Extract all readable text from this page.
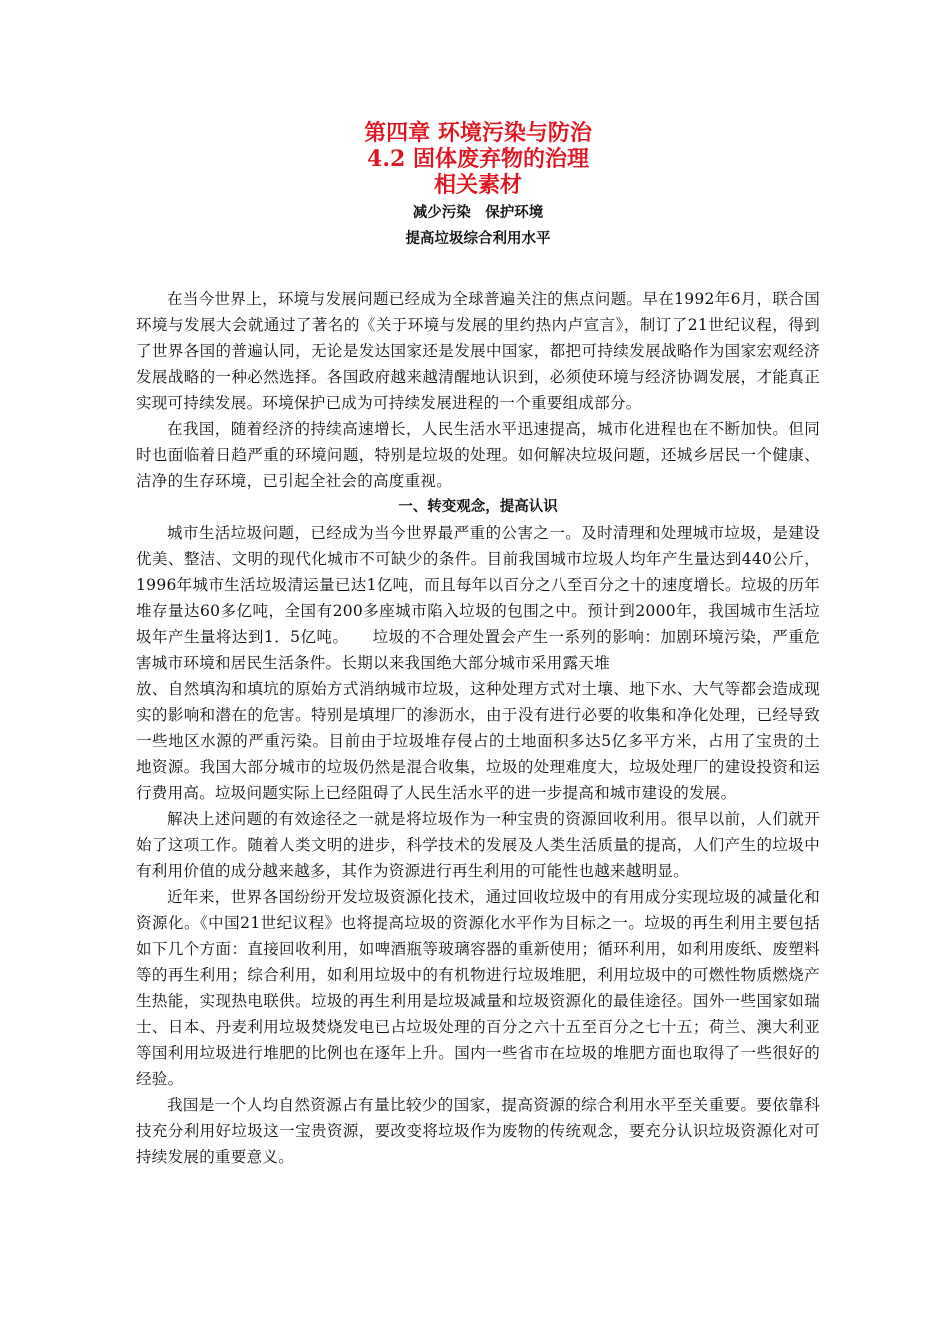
第四章 环境污染与防治
4.2 固体废弃物的治理
相关素材

减少污染　保护环境

提高垃圾综合利用水平

在当今世界上，环境与发展问题已经成为全球普遍关注的焦点问题。早在1992年6月，联合国环境与发展大会就通过了著名的《关于环境与发展的里约热内卢宣言》，制订了21世纪议程，得到了世界各国的普遍认同，无论是发达国家还是发展中国家，都把可持续发展战略作为国家宏观经济发展战略的一种必然选择。各国政府越来越清醒地认识到，必须使环境与经济协调发展，才能真正实现可持续发展。环境保护已成为可持续发展进程的一个重要组成部分。

在我国，随着经济的持续高速增长，人民生活水平迅速提高，城市化进程也在不断加快。但同时也面临着日趋严重的环境问题，特别是垃圾的处理。如何解决垃圾问题，还城乡居民一个健康、洁净的生存环境，已引起全社会的高度重视。

一、转变观念，提高认识

城市生活垃圾问题，已经成为当今世界最严重的公害之一。及时清理和处理城市垃圾，是建设优美、整洁、文明的现代化城市不可缺少的条件。目前我国城市垃圾人均年产生量达到440公斤，1996年城市生活垃圾清运量已达1亿吨，而且每年以百分之八至百分之十的速度增长。垃圾的历年堆存量达60多亿吨，全国有200多座城市陷入垃圾的包围之中。预计到2000年，我国城市生活垃圾年产生量将达到1．5亿吨。　　垃圾的不合理处置会产生一系列的影响：加剧环境污染，严重危害城市环境和居民生活条件。长期以来我国绝大部分城市采用露天堆

放、自然填沟和填坑的原始方式消纳城市垃圾，这种处理方式对土壤、地下水、大气等都会造成现实的影响和潜在的危害。特别是填埋厂的渗沥水，由于没有进行必要的收集和净化处理，已经导致一些地区水源的严重污染。目前由于垃圾堆存侵占的土地面积多达5亿多平方米，占用了宝贵的土地资源。我国大部分城市的垃圾仍然是混合收集，垃圾的处理难度大，垃圾处理厂的建设投资和运行费用高。垃圾问题实际上已经阻碍了人民生活水平的进一步提高和城市建设的发展。

解决上述问题的有效途径之一就是将垃圾作为一种宝贵的资源回收利用。很早以前，人们就开始了这项工作。随着人类文明的进步，科学技术的发展及人类生活质量的提高，人们产生的垃圾中有利用价值的成分越来越多，其作为资源进行再生利用的可能性也越来越明显。

近年来，世界各国纷纷开发垃圾资源化技术，通过回收垃圾中的有用成分实现垃圾的减量化和资源化。《中国21世纪议程》也将提高垃圾的资源化水平作为目标之一。垃圾的再生利用主要包括如下几个方面：直接回收利用，如啤酒瓶等玻璃容器的重新使用；循环利用，如利用废纸、废塑料等的再生利用；综合利用，如利用垃圾中的有机物进行垃圾堆肥，利用垃圾中的可燃性物质燃烧产生热能，实现热电联供。垃圾的再生利用是垃圾减量和垃圾资源化的最佳途径。国外一些国家如瑞士、日本、丹麦利用垃圾焚烧发电已占垃圾处理的百分之六十五至百分之七十五；荷兰、澳大利亚等国利用垃圾进行堆肥的比例也在逐年上升。国内一些省市在垃圾的堆肥方面也取得了一些很好的经验。

我国是一个人均自然资源占有量比较少的国家，提高资源的综合利用水平至关重要。要依靠科技充分利用好垃圾这一宝贵资源，要改变将垃圾作为废物的传统观念，要充分认识垃圾资源化对可持续发展的重要意义。
